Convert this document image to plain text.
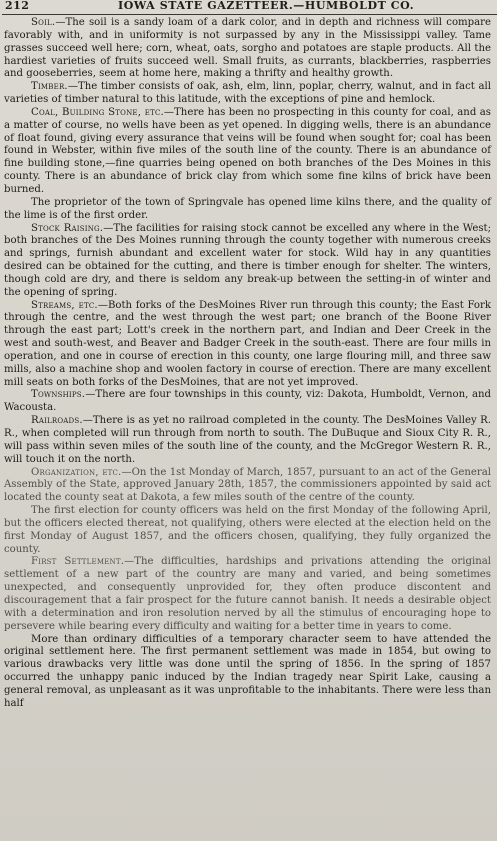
212	IOWA STATE GAZETTEER.—HUMBOLDT CO.

Soil.—The soil is a sandy loam of a dark color, and in depth and richness will compare favorably with, and in uniformity is not surpassed by any in the Mississippi valley. Tame grasses succeed well here; corn, wheat, oats, sorgho and potatoes are staple products. All the hardiest varieties of fruits succeed well. Small fruits, as currants, blackberries, raspberries and gooseberries, seem at home here, making a thrifty and healthy growth.

Timber.—The timber consists of oak, ash, elm, linn, poplar, cherry, walnut, and in fact all varieties of timber natural to this latitude, with the exceptions of pine and hemlock.

Coal, Building Stone, etc.—There has been no prospecting in this county for coal, and as a matter of course, no wells have been as yet opened. In digging wells, there is an abundance of float found, giving every assurance that veins will be found when sought for; coal has been found in Webster, within five miles of the south line of the county. There is an abundance of fine building stone,—fine quarries being opened on both branches of the Des Moines in this county. There is an abundance of brick clay from which some fine kilns of brick have been burned.

The proprietor of the town of Springvale has opened lime kilns there, and the quality of the lime is of the first order.

Stock Raising.—The facilities for raising stock cannot be excelled any where in the West; both branches of the Des Moines running through the county together with numerous creeks and springs, furnish abundant and excellent water for stock. Wild hay in any quantities desired can be obtained for the cutting, and there is timber enough for shelter. The winters, though cold are dry, and there is seldom any break-up between the setting-in of winter and the opening of spring.

Streams, etc.—Both forks of the DesMoines River run through this county; the East Fork through the centre, and the west through the west part; one branch of the Boone River through the east part; Lott's creek in the northern part, and Indian and Deer Creek in the west and south-west, and Beaver and Badger Creek in the south-east. There are four mills in operation, and one in course of erection in this county, one large flouring mill, and three saw mills, also a machine shop and woolen factory in course of erection. There are many excellent mill seats on both forks of the DesMoines, that are not yet improved.

Townships.—There are four townships in this county, viz: Dakota, Humboldt, Vernon, and Wacousta.

Railroads.—There is as yet no railroad completed in the county. The DesMoines Valley R. R., when completed will run through from north to south. The DuBuque and Sioux City R. R., will pass within seven miles of the south line of the county, and the McGregor Western R. R., will touch it on the north.

Organization, etc.—On the 1st Monday of March, 1857, pursuant to an act of the General Assembly of the State, approved January 28th, 1857, the commissioners appointed by said act located the county seat at Dakota, a few miles south of the centre of the county.

The first election for county officers was held on the first Monday of the following April, but the officers elected thereat, not qualifying, others were elected at the election held on the first Monday of August 1857, and the officers chosen, qualifying, they fully organized the county.

First Settlement.—The difficulties, hardships and privations attending the original settlement of a new part of the country are many and varied, and being sometimes unexpected, and consequently unprovided for, they often produce discontent and discouragement that a fair prospect for the future cannot banish. It needs a desirable object with a determination and iron resolution nerved by all the stimulus of encouraging hope to persevere while bearing every difficulty and waiting for a better time in years to come.

More than ordinary difficulties of a temporary character seem to have attended the original settlement here. The first permanent settlement was made in 1854, but owing to various drawbacks very little was done until the spring of 1856. In the spring of 1857 occurred the unhappy panic induced by the Indian tragedy near Spirit Lake, causing a general removal, as unpleasant as it was unprofitable to the inhabitants. There were less than half
